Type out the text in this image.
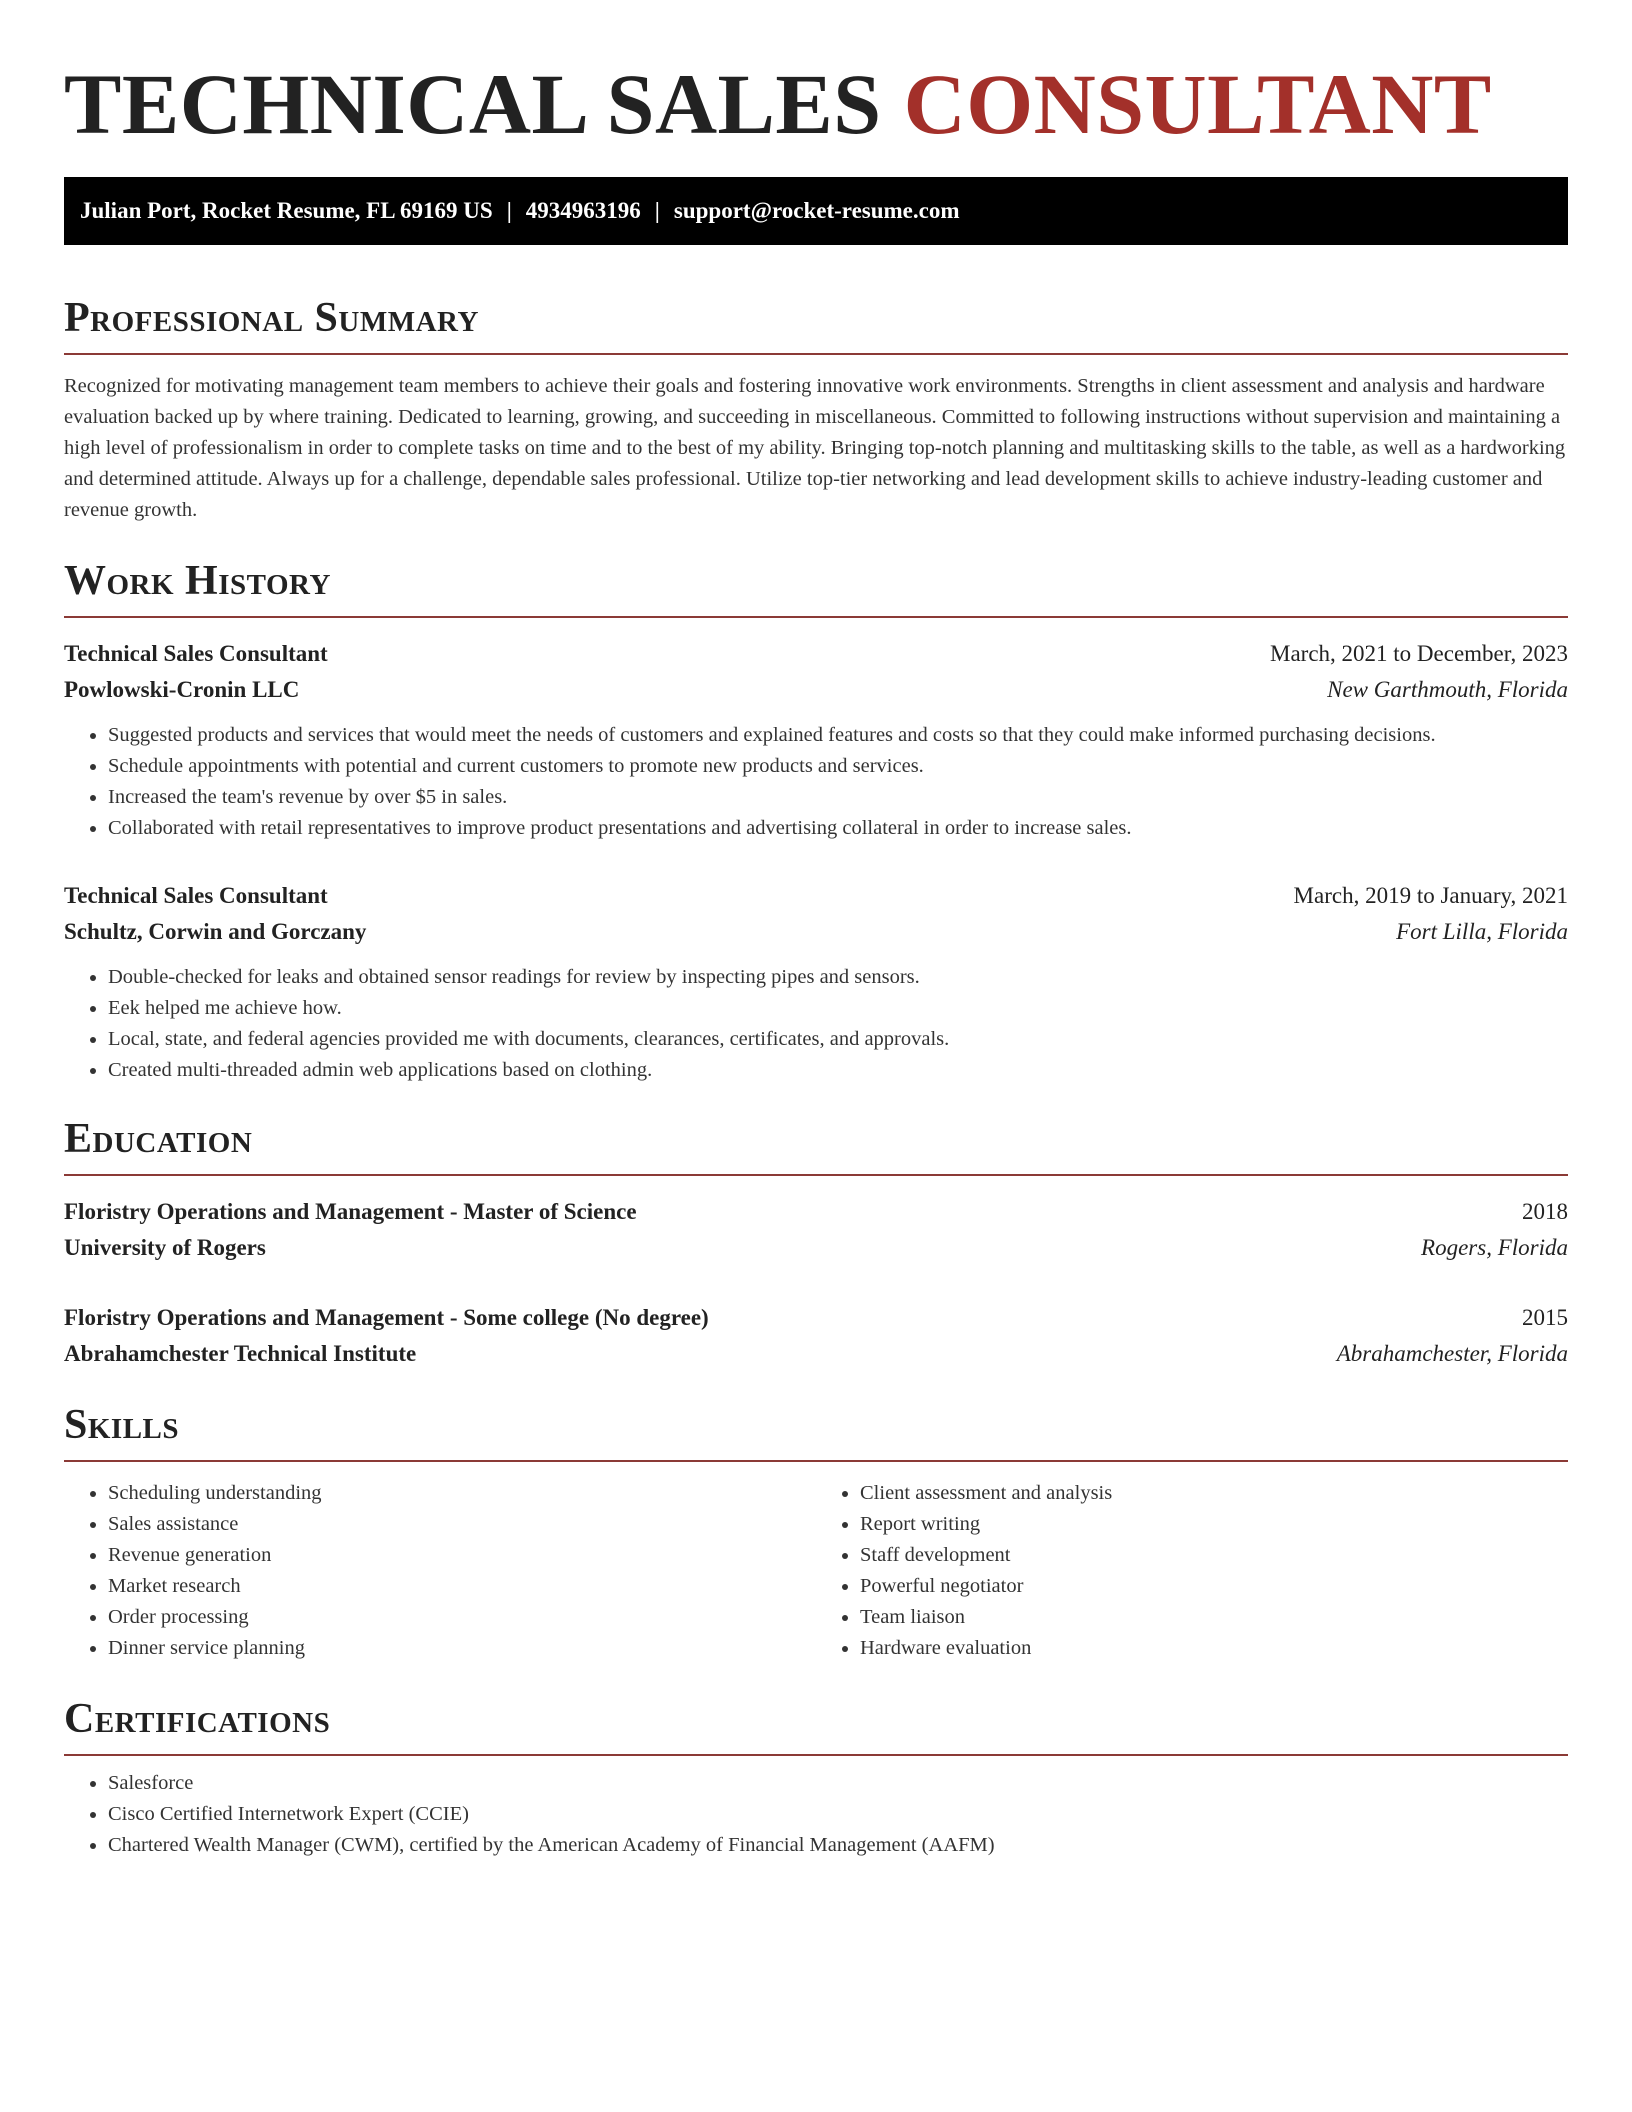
TECHNICAL SALES CONSULTANT
Julian Port, Rocket Resume, FL 69169 US | 4934963196 | support@rocket-resume.com
Professional Summary

Recognized for motivating management team members to achieve their goals and fostering innovative work environments. Strengths in client assessment and analysis and hardware evaluation backed up by where training. Dedicated to learning, growing, and succeeding in miscellaneous. Committed to following instructions without supervision and maintaining a high level of professionalism in order to complete tasks on time and to the best of my ability. Bringing top-notch planning and multitasking skills to the table, as well as a hardworking and determined attitude. Always up for a challenge, dependable sales professional. Utilize top-tier networking and lead development skills to achieve industry-leading customer and revenue growth.

Work History
Technical Sales Consultant	March, 2021 to December, 2023
Powlowski-Cronin LLC	New Garthmouth, Florida
• Suggested products and services that would meet the needs of customers and explained features and costs so that they could make informed purchasing decisions.
• Schedule appointments with potential and current customers to promote new products and services.
• Increased the team's revenue by over $5 in sales.
• Collaborated with retail representatives to improve product presentations and advertising collateral in order to increase sales.
Technical Sales Consultant	March, 2019 to January, 2021
Schultz, Corwin and Gorczany	Fort Lilla, Florida
• Double-checked for leaks and obtained sensor readings for review by inspecting pipes and sensors.
• Eek helped me achieve how.
• Local, state, and federal agencies provided me with documents, clearances, certificates, and approvals.
• Created multi-threaded admin web applications based on clothing.
Education
Floristry Operations and Management - Master of Science	2018
University of Rogers	Rogers, Florida
Floristry Operations and Management - Some college (No degree)	2015
Abrahamchester Technical Institute	Abrahamchester, Florida
Skills
• Scheduling understanding
• Sales assistance
• Revenue generation
• Market research
• Order processing
• Dinner service planning
• Client assessment and analysis
• Report writing
• Staff development
• Powerful negotiator
• Team liaison
• Hardware evaluation
Certifications
• Salesforce
• Cisco Certified Internetwork Expert (CCIE)
• Chartered Wealth Manager (CWM), certified by the American Academy of Financial Management (AAFM)
